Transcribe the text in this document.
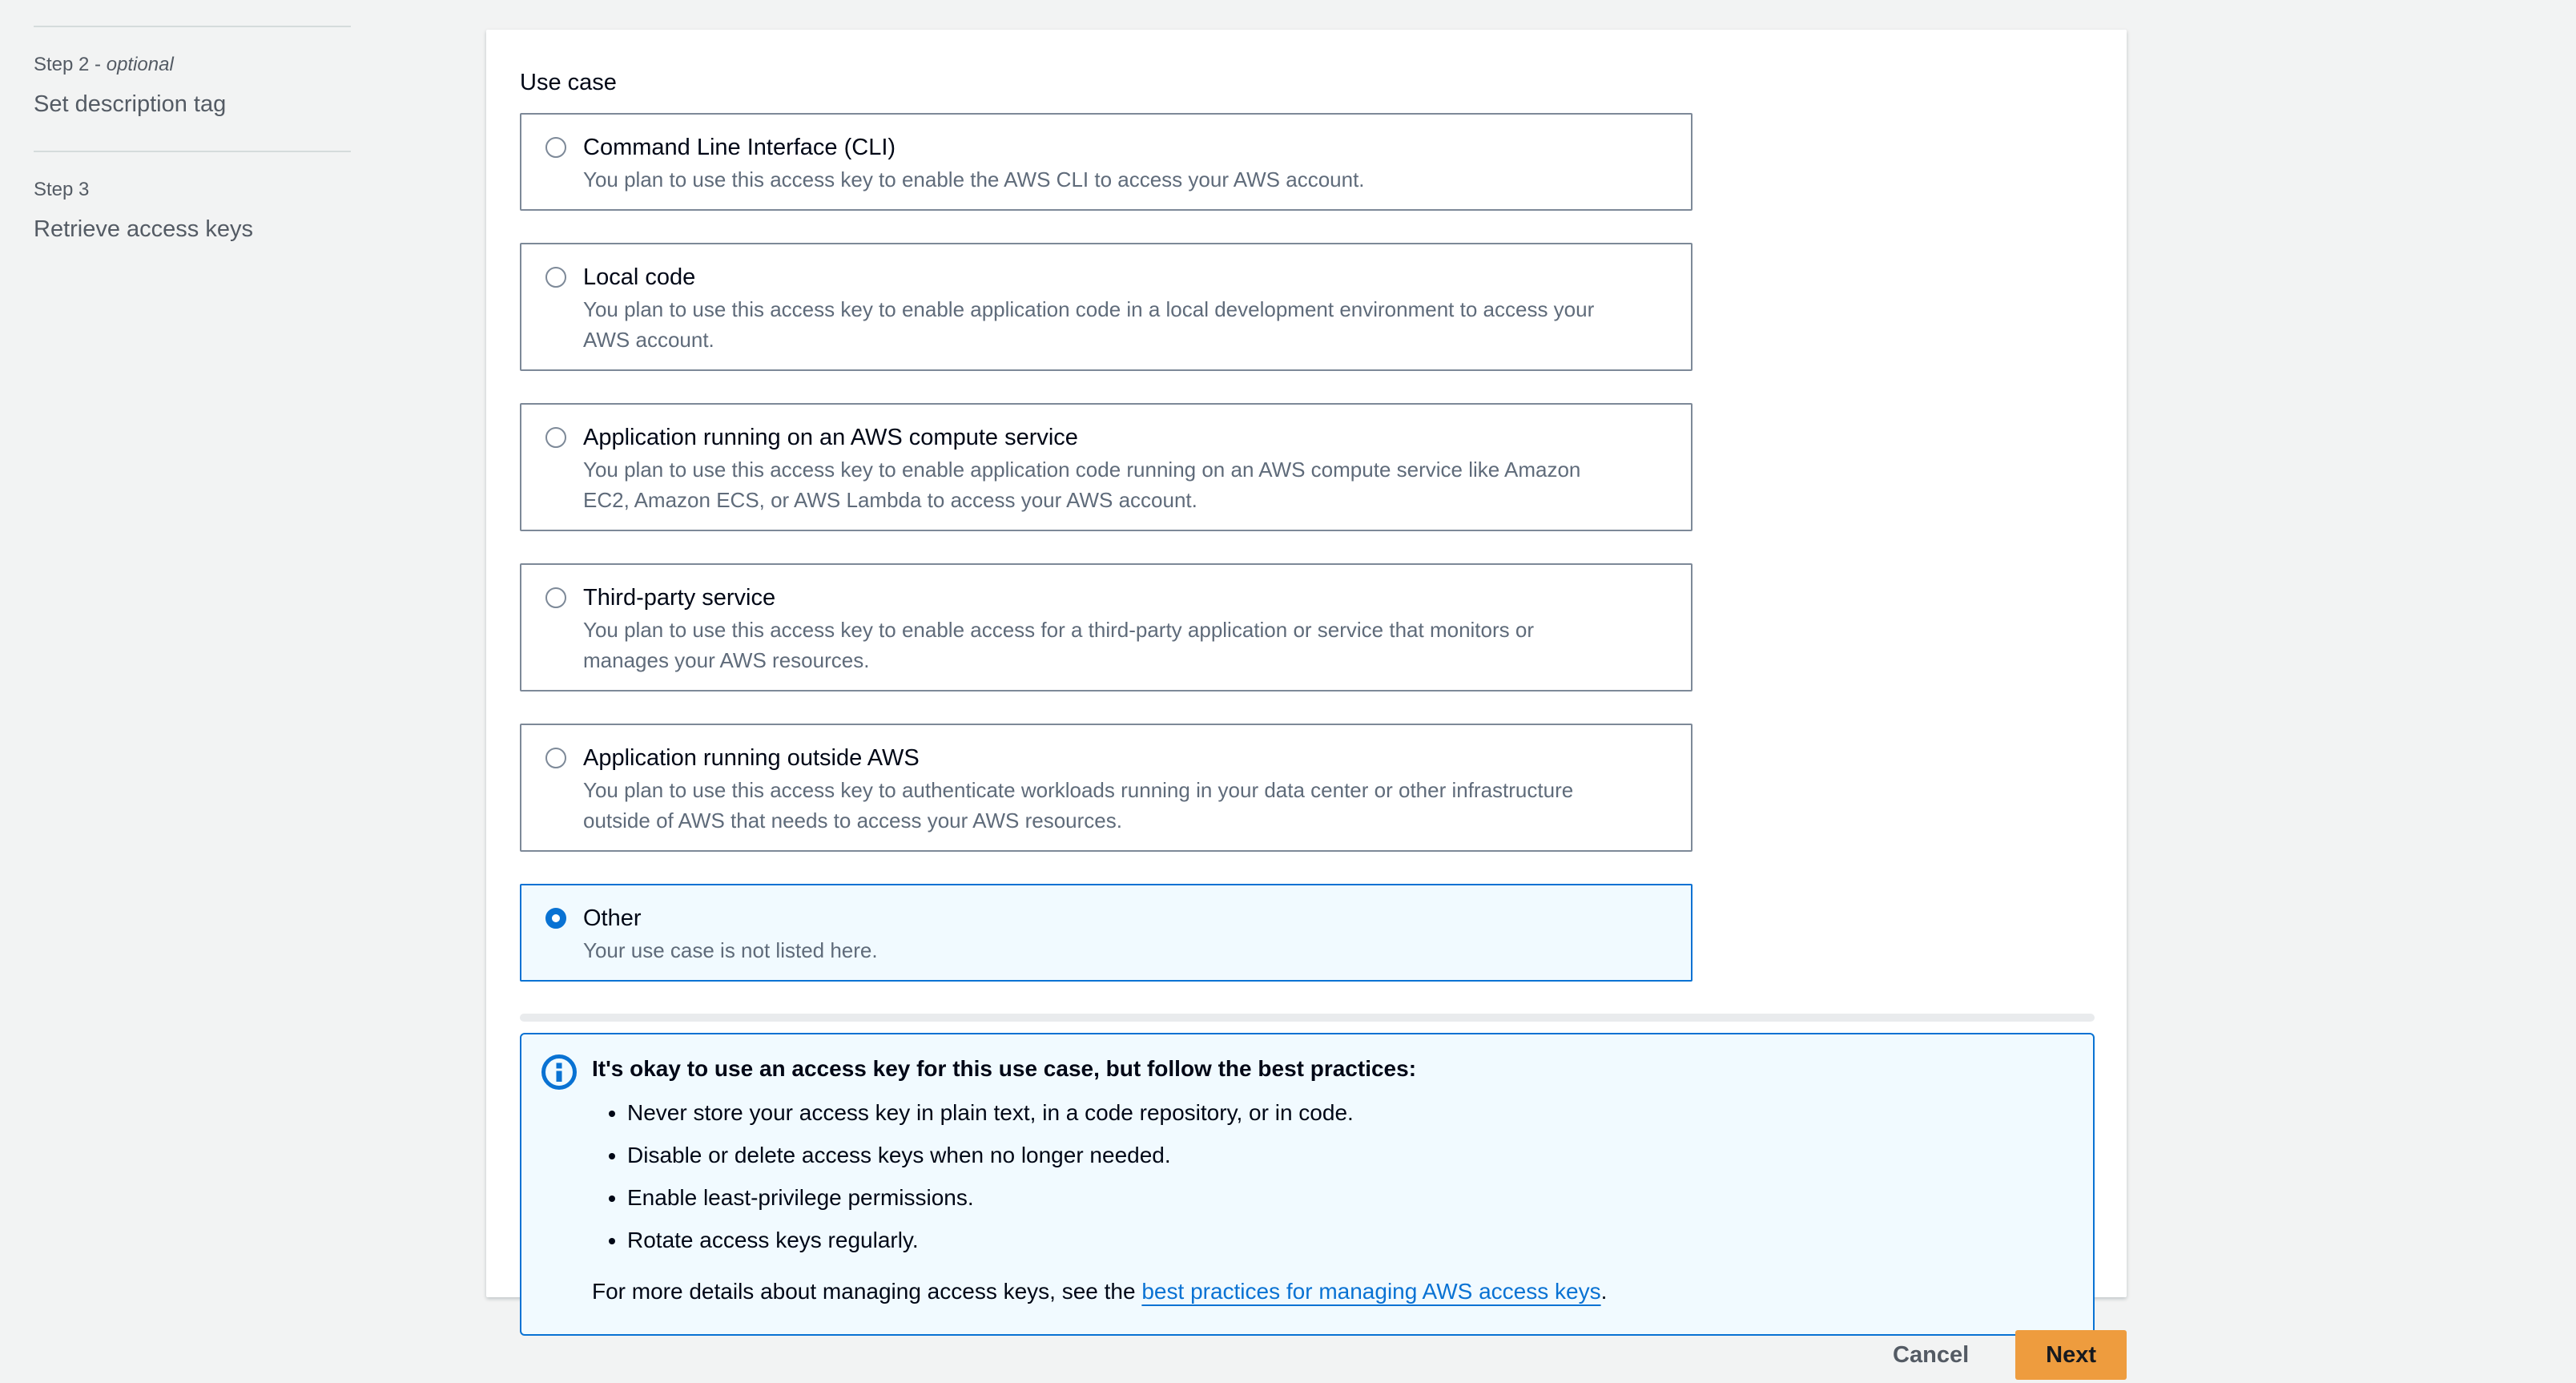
Step 2 - optional
Set description tag
Step 3
Retrieve access keys
Use case
Command Line Interface (CLI)
You plan to use this access key to enable the AWS CLI to access your AWS account.
Local code
You plan to use this access key to enable application code in a local development environment to access your AWS account.
Application running on an AWS compute service
You plan to use this access key to enable application code running on an AWS compute service like Amazon EC2, Amazon ECS, or AWS Lambda to access your AWS account.
Third-party service
You plan to use this access key to enable access for a third-party application or service that monitors or manages your AWS resources.
Application running outside AWS
You plan to use this access key to authenticate workloads running in your data center or other infrastructure outside of AWS that needs to access your AWS resources.
Other
Your use case is not listed here.
It's okay to use an access key for this use case, but follow the best practices:
• Never store your access key in plain text, in a code repository, or in code.
• Disable or delete access keys when no longer needed.
• Enable least-privilege permissions.
• Rotate access keys regularly.
For more details about managing access keys, see the best practices for managing AWS access keys.
Cancel	Next
